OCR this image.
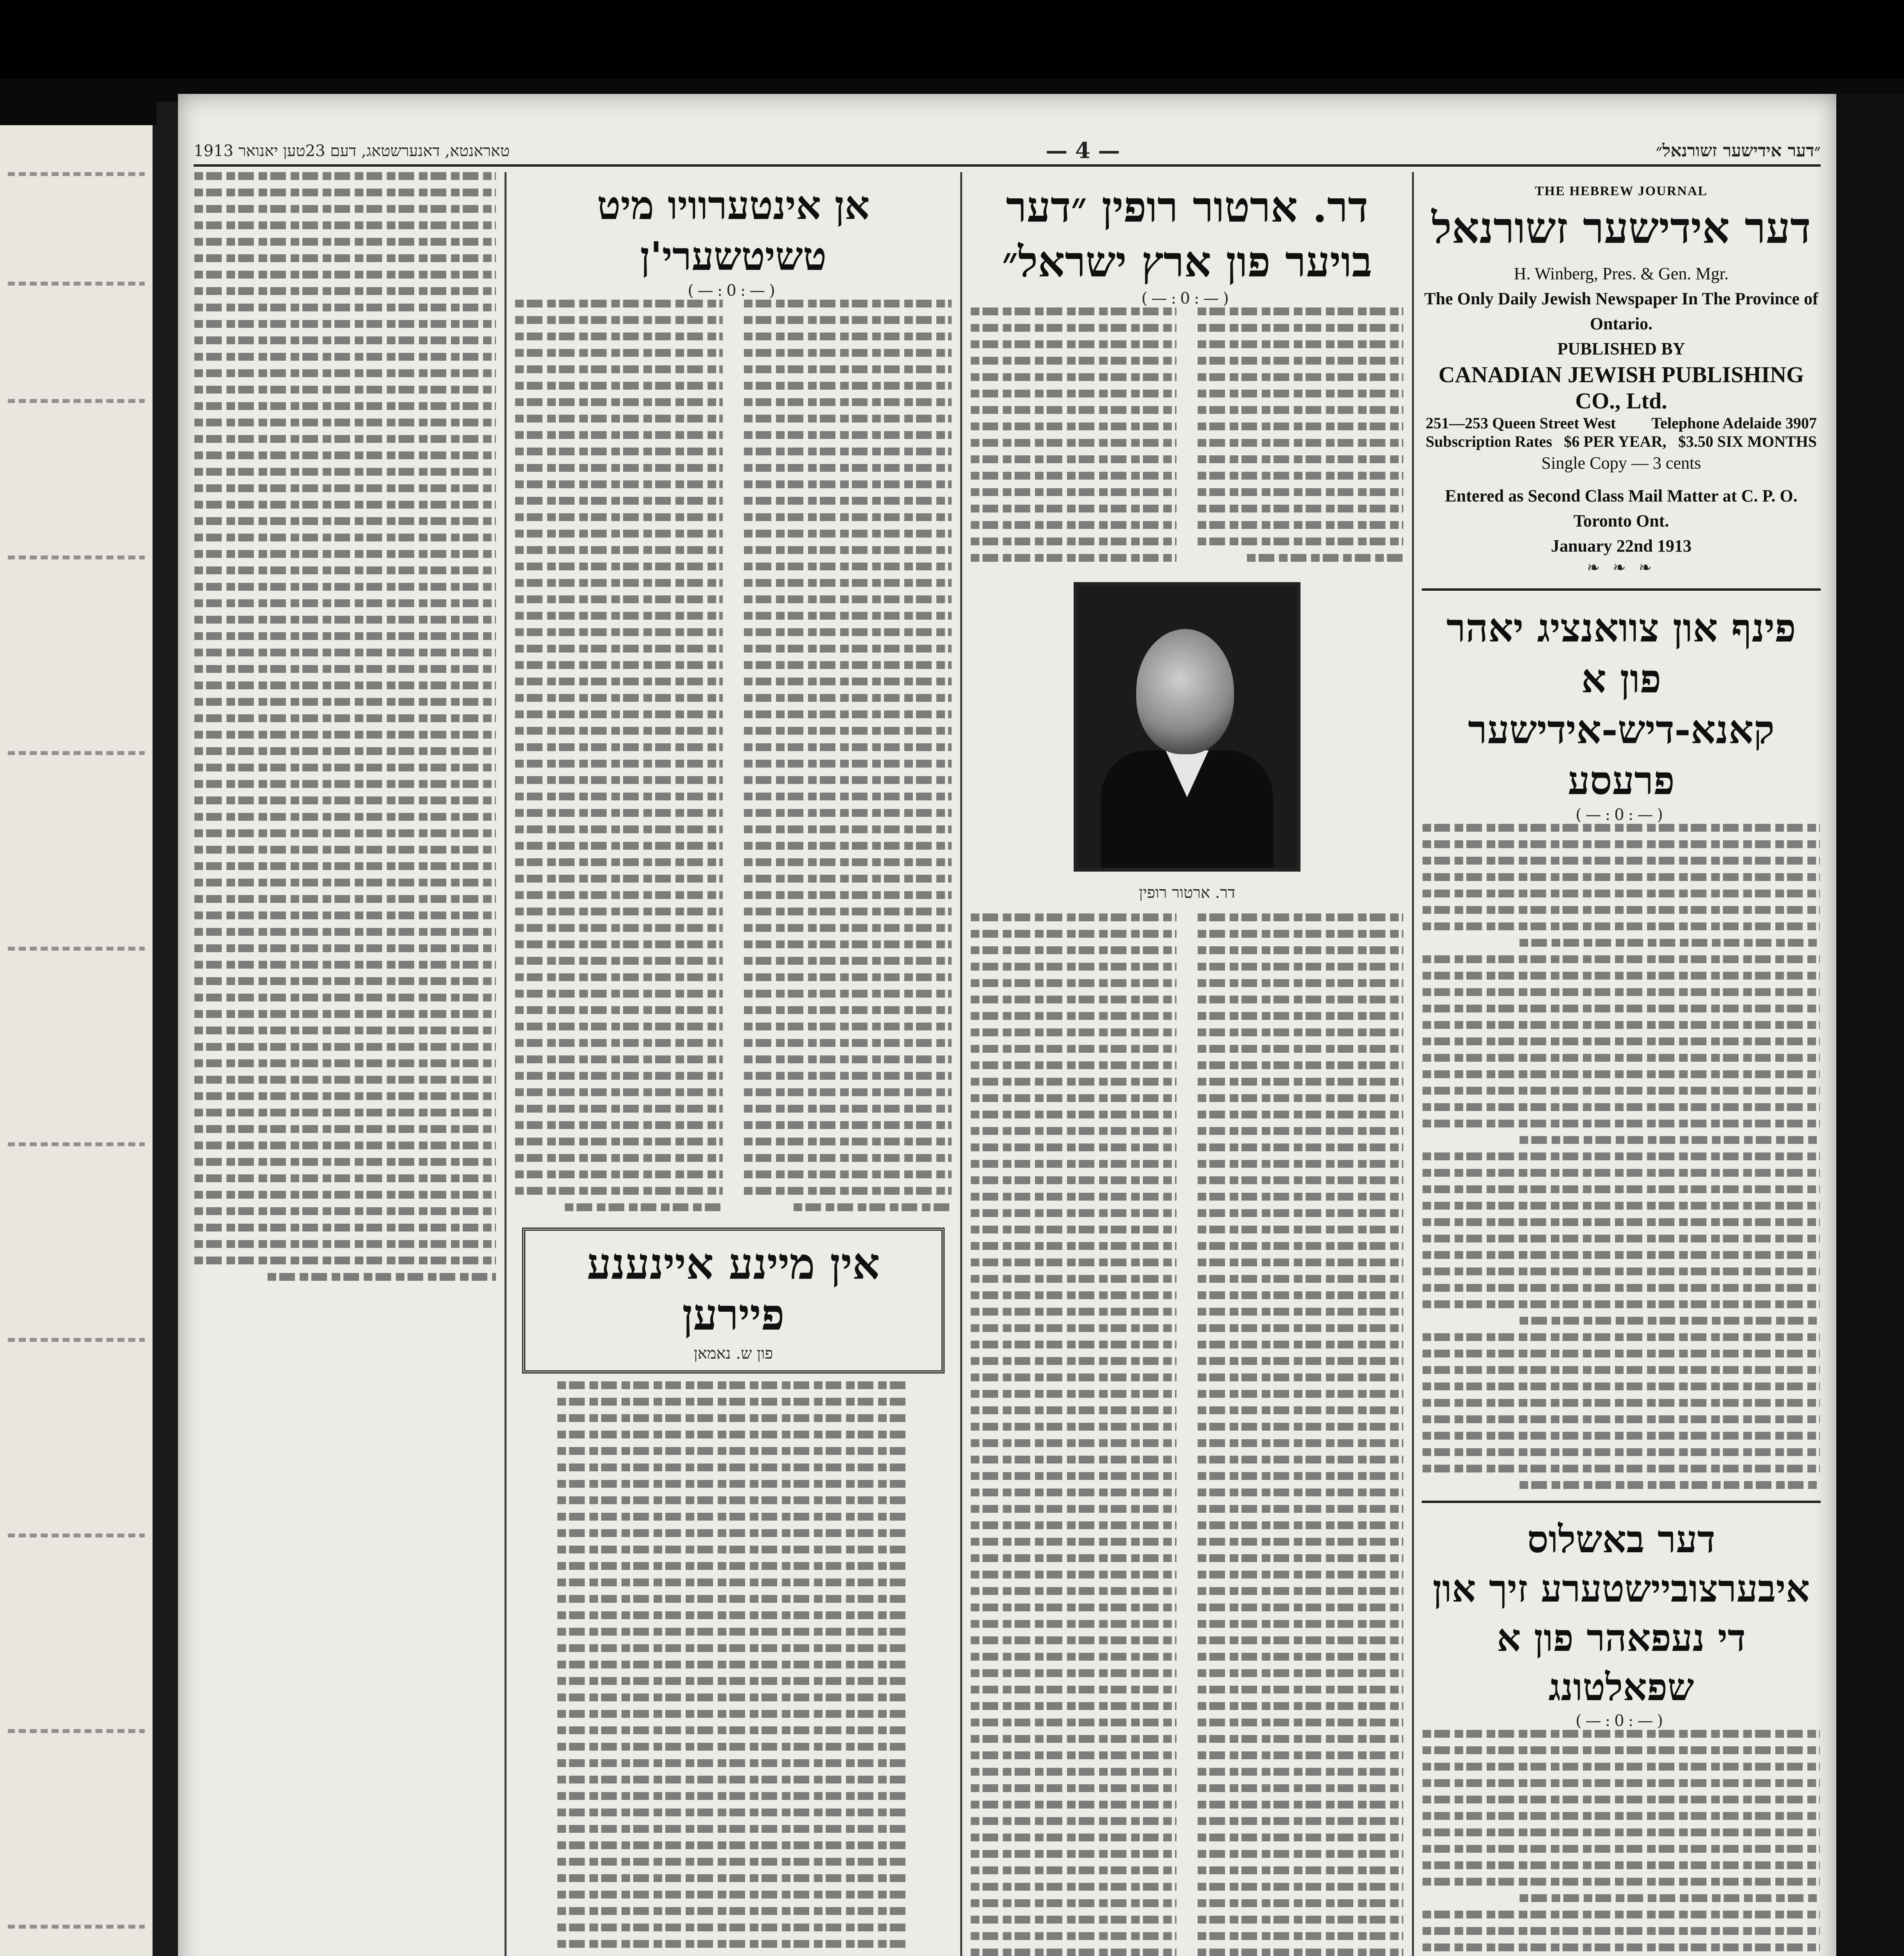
״דער אידישער זשורנאל״
— 4 —
טאראנטא, דאנערשטאג, דעם 23טען יאנואר 1913
THE HEBREW JOURNAL
דער אידישער זשורנאל
H. Winberg, Pres. & Gen. Mgr.
The Only Daily Jewish Newspaper In The Province of Ontario.
PUBLISHED BY
CANADIAN JEWISH PUBLISHING CO., Ltd.
251—253 Queen Street West Telephone Adelaide 3907
Subscription Rates $6 PER YEAR, $3.50 SIX MONTHS
Single Copy — 3 cents
Entered as Second Class Mail Matter at C. P. O. Toronto Ont.
January 22nd 1913
❧ ❧ ❧
פינף און צוואנציג יאהר פון א קאנא-דיש-אידישער פרעסע
(—:0:—)
דער באשלוס איבערצוביישטערע זיך און די נעפאהר פון א שפאלטונג
(—:0:—)
דר. ארטור רופין ״דער בויער פון ארץ ישראל״
(—:0:—)
דר. ארטור רופין
אן אינטערוויו מיט טשיטשערי'ן
(—:0:—)
אין מיינע איינענע פיירען
פון ש. נאמאן
